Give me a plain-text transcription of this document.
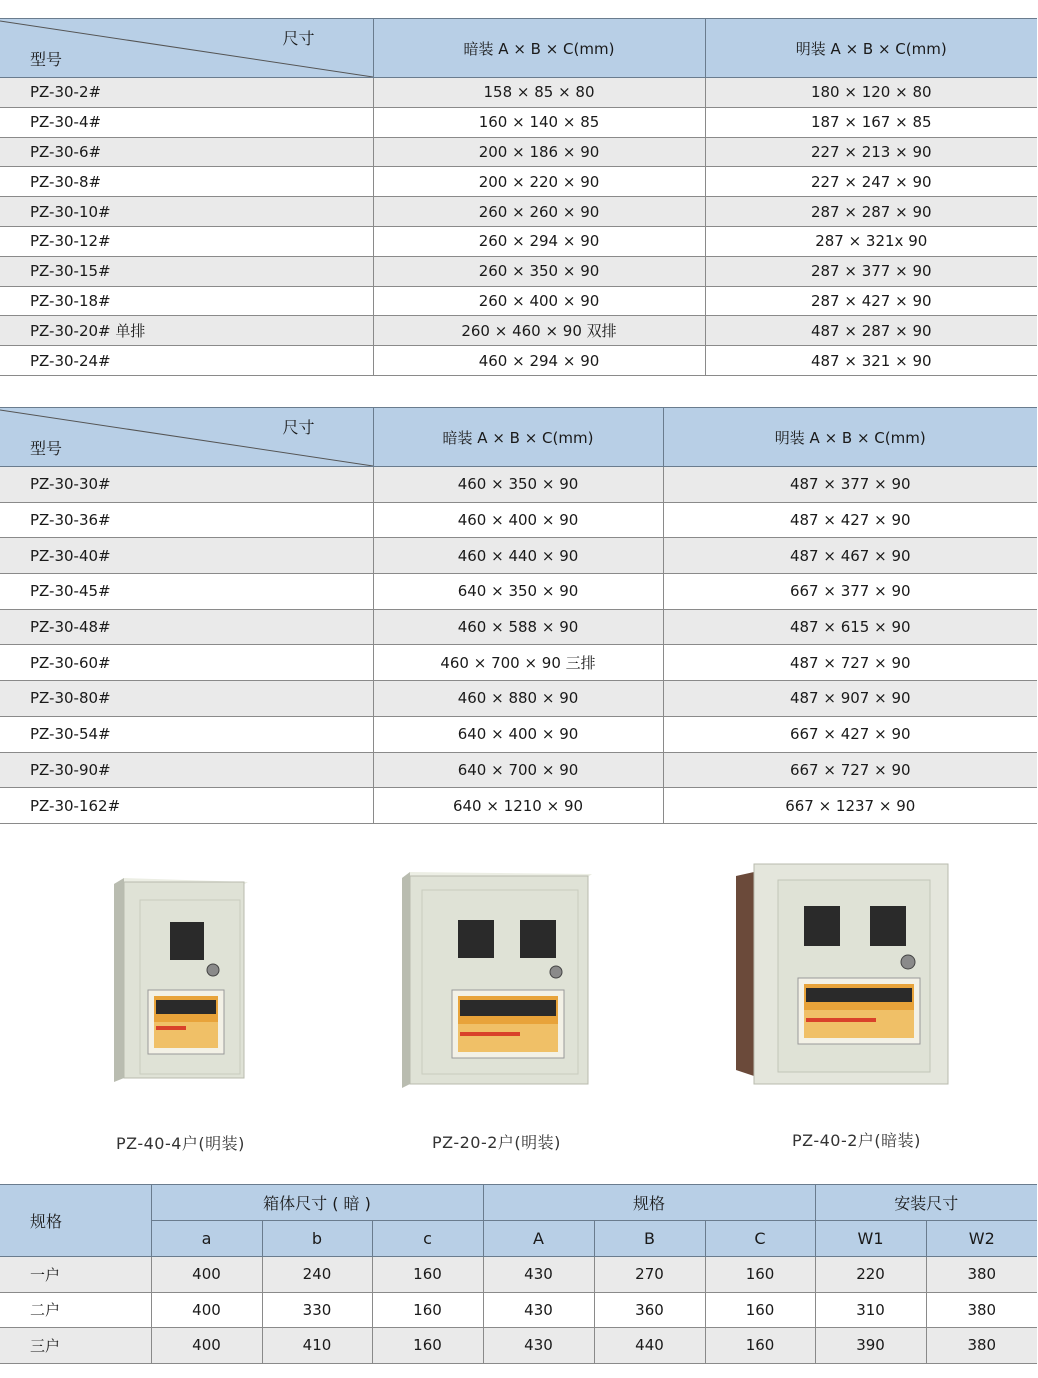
尺寸
型号	暗装 A × B × C(mm)	明装 A × B × C(mm)
PZ-30-2#	158 × 85 × 80	180 × 120 × 80
PZ-30-4#	160 × 140 × 85	187 × 167 × 85
PZ-30-6#	200 × 186 × 90	227 × 213 × 90
PZ-30-8#	200 × 220 × 90	227 × 247 × 90
PZ-30-10#	260 × 260 × 90	287 × 287 × 90
PZ-30-12#	260 × 294 × 90	287 × 321x 90
PZ-30-15#	260 × 350 × 90	287 × 377 × 90
PZ-30-18#	260 × 400 × 90	287 × 427 × 90
PZ-30-20# 单排	260 × 460 × 90 双排	487 × 287 × 90
PZ-30-24#	460 × 294 × 90	487 × 321 × 90
尺寸
型号	暗装 A × B × C(mm)	明装 A × B × C(mm)
PZ-30-30#	460 × 350 × 90	487 × 377 × 90
PZ-30-36#	460 × 400 × 90	487 × 427 × 90
PZ-30-40#	460 × 440 × 90	487 × 467 × 90
PZ-30-45#	640 × 350 × 90	667 × 377 × 90
PZ-30-48#	460 × 588 × 90	487 × 615 × 90
PZ-30-60#	460 × 700 × 90 三排	487 × 727 × 90
PZ-30-80#	460 × 880 × 90	487 × 907 × 90
PZ-30-54#	640 × 400 × 90	667 × 427 × 90
PZ-30-90#	640 × 700 × 90	667 × 727 × 90
PZ-30-162#	640 × 1210 × 90	667 × 1237 × 90
PZ-40-4户(明装)	PZ-20-2户(明装)	PZ-40-2户(暗装)
规格	箱体尺寸 ( 暗 )			规格			安装尺寸	
	a	b	c	A	B	C	W1	W2
一户	400	240	160	430	270	160	220	380
二户	400	330	160	430	360	160	310	380
三户	400	410	160	430	440	160	390	380
